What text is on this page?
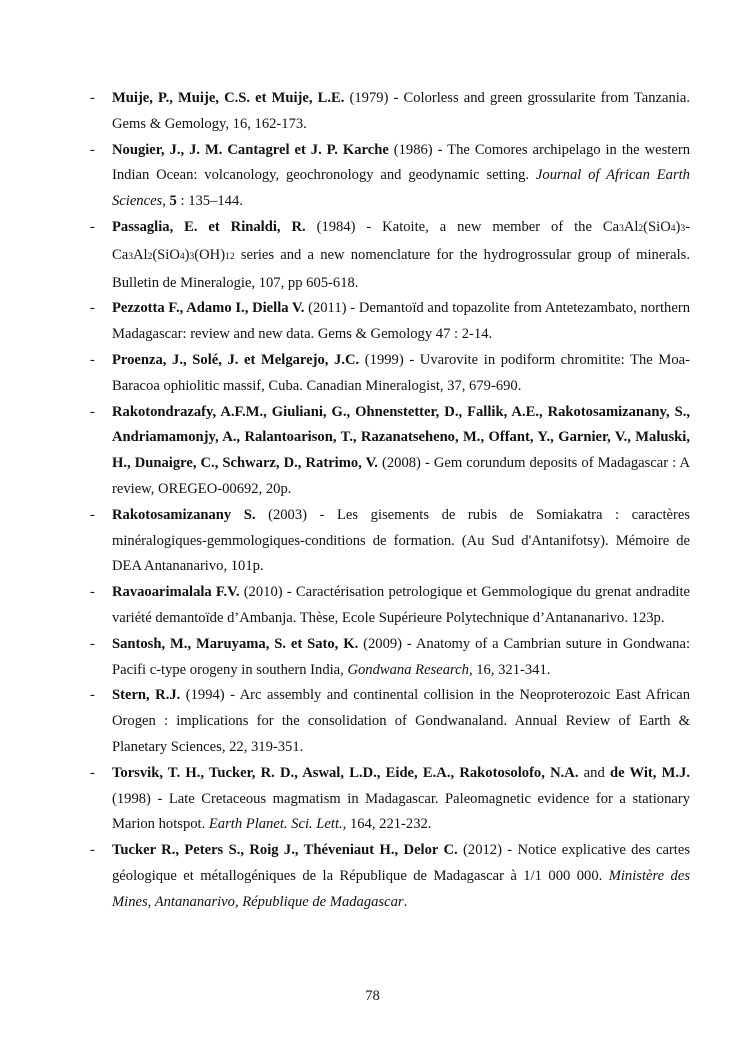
- Muije, P., Muije, C.S. et Muije, L.E. (1979) - Colorless and green grossularite from Tanzania. Gems & Gemology, 16, 162-173.
- Nougier, J., J. M. Cantagrel et J. P. Karche (1986) - The Comores archipelago in the western Indian Ocean: volcanology, geochronology and geodynamic setting. Journal of African Earth Sciences, 5 : 135–144.
- Passaglia, E. et Rinaldi, R. (1984) - Katoite, a new member of the Ca3Al2(SiO4)3-Ca3Al2(SiO4)3(OH)12 series and a new nomenclature for the hydrogrossular group of minerals. Bulletin de Mineralogie, 107, pp 605-618.
- Pezzotta F., Adamo I., Diella V. (2011) - Demantoïd and topazolite from Antetezambato, northern Madagascar: review and new data. Gems & Gemology 47 : 2-14.
- Proenza, J., Solé, J. et Melgarejo, J.C. (1999) - Uvarovite in podiform chromitite: The Moa-Baracoa ophiolitic massif, Cuba. Canadian Mineralogist, 37, 679-690.
- Rakotondrazafy, A.F.M., Giuliani, G., Ohnenstetter, D., Fallik, A.E., Rakotosamizanany, S., Andriamamonjy, A., Ralantoarison, T., Razanatseheno, M., Offant, Y., Garnier, V., Maluski, H., Dunaigre, C., Schwarz, D., Ratrimo, V. (2008) - Gem corundum deposits of Madagascar : A review, OREGEO-00692, 20p.
- Rakotosamizanany S. (2003) - Les gisements de rubis de Somiakatra : caractères minéralogiques-gemmologiques-conditions de formation. (Au Sud d'Antanifotsy). Mémoire de DEA Antananarivo, 101p.
- Ravaoarimalala F.V. (2010) - Caractérisation petrologique et Gemmologique du grenat andradite variété demantoïde d’Ambanja. Thèse, Ecole Supérieure Polytechnique d’Antananarivo. 123p.
- Santosh, M., Maruyama, S. et Sato, K. (2009) - Anatomy of a Cambrian suture in Gondwana: Pacifi c-type orogeny in southern India, Gondwana Research, 16, 321-341.
- Stern, R.J. (1994) - Arc assembly and continental collision in the Neoproterozoic East African Orogen : implications for the consolidation of Gondwanaland. Annual Review of Earth & Planetary Sciences, 22, 319-351.
- Torsvik, T. H., Tucker, R. D., Aswal, L.D., Eide, E.A., Rakotosolofo, N.A. and de Wit, M.J. (1998) - Late Cretaceous magmatism in Madagascar. Paleomagnetic evidence for a stationary Marion hotspot. Earth Planet. Sci. Lett., 164, 221-232.
- Tucker R., Peters S., Roig J., Théveniaut H., Delor C. (2012) - Notice explicative des cartes géologique et métallogéniques de la République de Madagascar à 1/1 000 000. Ministère des Mines, Antananarivo, République de Madagascar.
78
